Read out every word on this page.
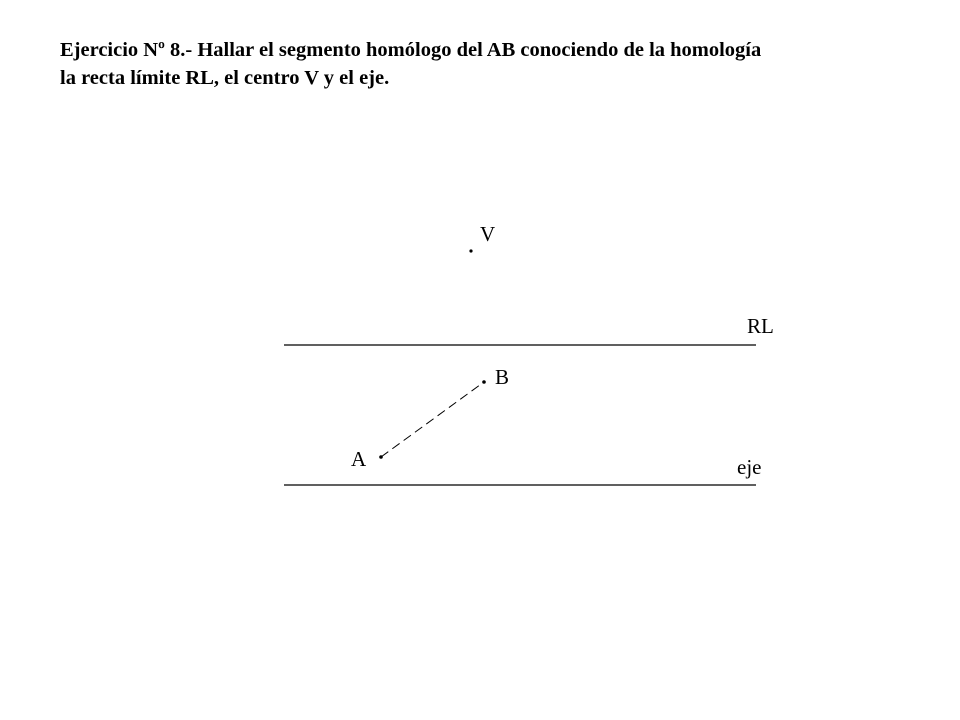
Ejercicio Nº 8.- Hallar el segmento homólogo del AB conociendo de la homología
la recta límite RL, el centro V y el eje.
V
RL
B
A	eje
